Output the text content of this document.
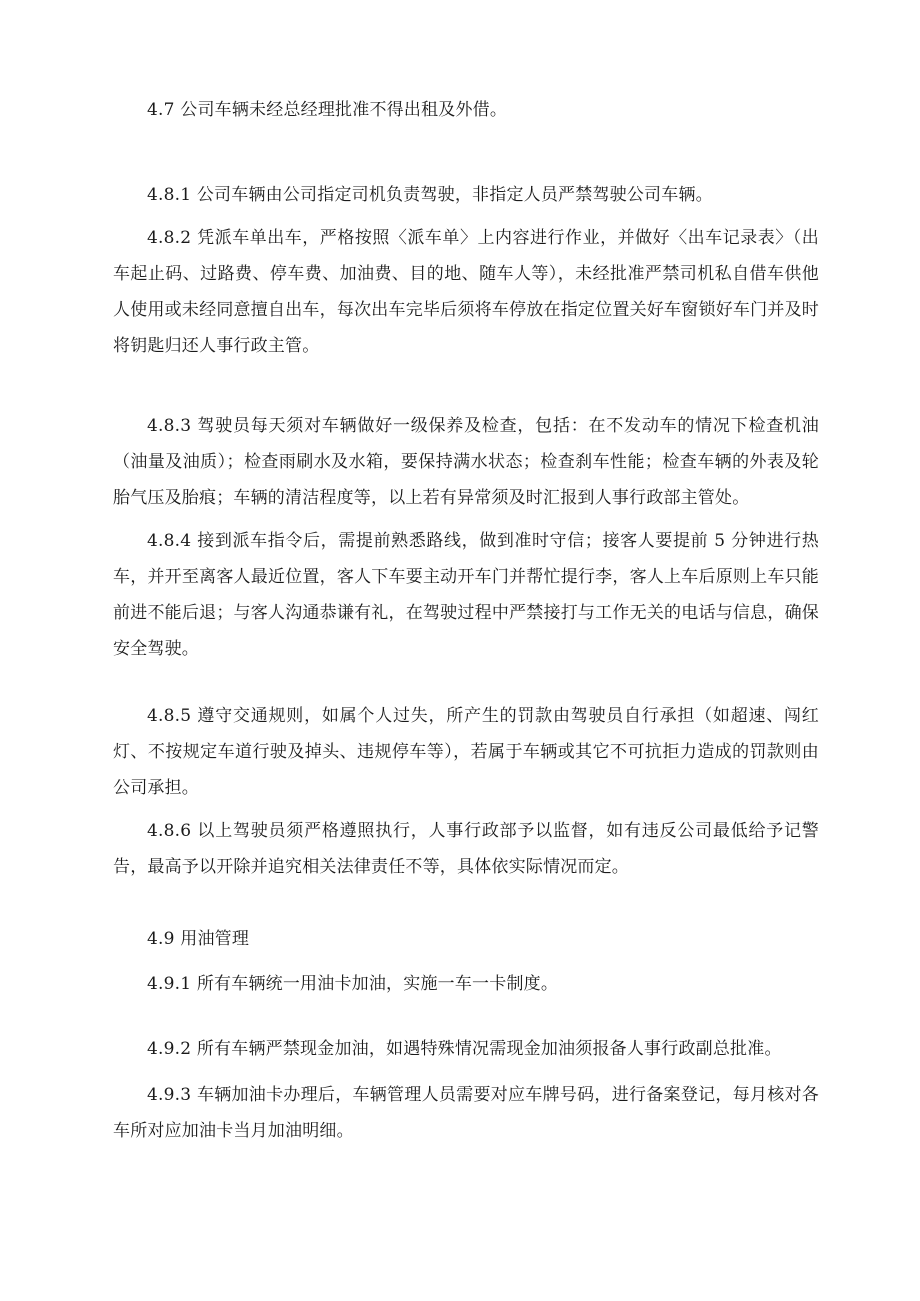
4.7 公司车辆未经总经理批准不得出租及外借。

4.8.1 公司车辆由公司指定司机负责驾驶，非指定人员严禁驾驶公司车辆。

4.8.2 凭派车单出车，严格按照〈派车单〉上内容进行作业，并做好〈出车记录表〉（出车起止码、过路费、停车费、加油费、目的地、随车人等），未经批准严禁司机私自借车供他人使用或未经同意擅自出车，每次出车完毕后须将车停放在指定位置关好车窗锁好车门并及时将钥匙归还人事行政主管。

4.8.3 驾驶员每天须对车辆做好一级保养及检查，包括：在不发动车的情况下检查机油（油量及油质）；检查雨刷水及水箱，要保持满水状态；检查刹车性能；检查车辆的外表及轮胎气压及胎痕；车辆的清洁程度等，以上若有异常须及时汇报到人事行政部主管处。

4.8.4 接到派车指令后，需提前熟悉路线，做到准时守信；接客人要提前 5 分钟进行热车，并开至离客人最近位置，客人下车要主动开车门并帮忙提行李，客人上车后原则上车只能前进不能后退；与客人沟通恭谦有礼，在驾驶过程中严禁接打与工作无关的电话与信息，确保安全驾驶。

4.8.5 遵守交通规则，如属个人过失，所产生的罚款由驾驶员自行承担（如超速、闯红灯、不按规定车道行驶及掉头、违规停车等），若属于车辆或其它不可抗拒力造成的罚款则由公司承担。

4.8.6 以上驾驶员须严格遵照执行，人事行政部予以监督，如有违反公司最低给予记警告，最高予以开除并追究相关法律责任不等，具体依实际情况而定。

4.9 用油管理

4.9.1 所有车辆统一用油卡加油，实施一车一卡制度。

4.9.2 所有车辆严禁现金加油，如遇特殊情况需现金加油须报备人事行政副总批准。

4.9.3 车辆加油卡办理后，车辆管理人员需要对应车牌号码，进行备案登记，每月核对各车所对应加油卡当月加油明细。
